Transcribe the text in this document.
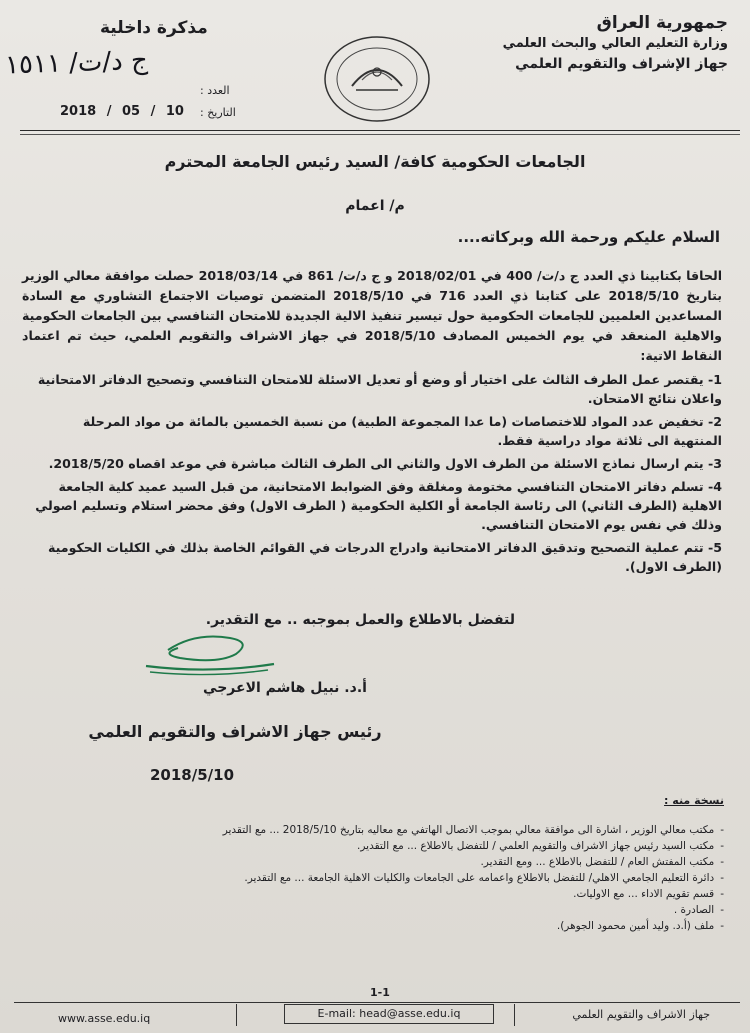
جمهورية العراق
وزارة التعليم العالي والبحث العلمي
جهاز الإشراف والتقويم العلمي
مذكرة داخلية
ج د/ت/ ١٥١١
العدد :
التاريخ :
2018 / 05 / 10
الجامعات الحكومية كافة/ السيد رئيس الجامعة المحترم
م/ اعمام
السلام عليكم ورحمة الله وبركاته....
الحاقا بكتابينا ذي العدد ج د/ت/ 400 في 2018/02/01 و ج د/ت/ 861 في 2018/03/14 حصلت موافقة معالي الوزير بتاريخ 2018/5/10 على كتابنا ذي العدد 716 في 2018/5/10 المتضمن توصيات الاجتماع التشاوري مع السادة المساعدين العلميين للجامعات الحكومية حول تيسير تنفيذ الالية الجديدة للامتحان التنافسي بين الجامعات الحكومية والاهلية المنعقد في يوم الخميس المصادف 2018/5/10 في جهاز الاشراف والتقويم العلمي، حيث تم اعتماد النقاط الاتية:
1- يقتصر عمل الطرف الثالث على اختيار أو وضع أو تعديل الاسئلة للامتحان التنافسي وتصحيح الدفاتر الامتحانية واعلان نتائج الامتحان.
2- تخفيض عدد المواد للاختصاصات (ما عدا المجموعة الطبية) من نسبة الخمسين بالمائة من مواد المرحلة المنتهية الى ثلاثة مواد دراسية فقط.
3- يتم ارسال نماذج الاسئلة من الطرف الاول والثاني الى الطرف الثالث مباشرة في موعد اقصاه 2018/5/20.
4- تسلم دفاتر الامتحان التنافسي مختومة ومغلقة وفق الضوابط الامتحانية، من قبل السيد عميد كلية الجامعة الاهلية (الطرف الثاني) الى رئاسة الجامعة أو الكلية الحكومية ( الطرف الاول) وفق محضر استلام وتسليم اصولي وذلك في نفس يوم الامتحان التنافسي.
5- تتم عملية التصحيح وتدقيق الدفاتر الامتحانية وادراج الدرجات في القوائم الخاصة بذلك في الكليات الحكومية (الطرف الاول).
لتفضل بالاطلاع والعمل بموجبه .. مع التقدير.
أ.د. نبيل هاشم الاعرجي
رئيس جهاز الاشراف والتقويم العلمي
2018/5/10
نسخة منه :
- مكتب معالي الوزير ، اشارة الى موافقة معالي بموجب الاتصال الهاتفي مع معاليه بتاريخ 2018/5/10 ... مع التقدير
- مكتب السيد رئيس جهاز الاشراف والتقويم العلمي / للتفضل بالاطلاع ... مع التقدير.
- مكتب المفتش العام / للتفضل بالاطلاع ... ومع التقدير.
- دائرة التعليم الجامعي الاهلي/ للتفضل بالاطلاع واعمامه على الجامعات والكليات الاهلية الجامعة ... مع التقدير.
- قسم تقويم الاداء ... مع الاوليات.
- الصادرة .
- ملف (أ.د. وليد أمين محمود الجوهر).
1-1
www.asse.edu.iq	E-mail: head@asse.edu.iq	جهاز الاشراف والتقويم العلمي
